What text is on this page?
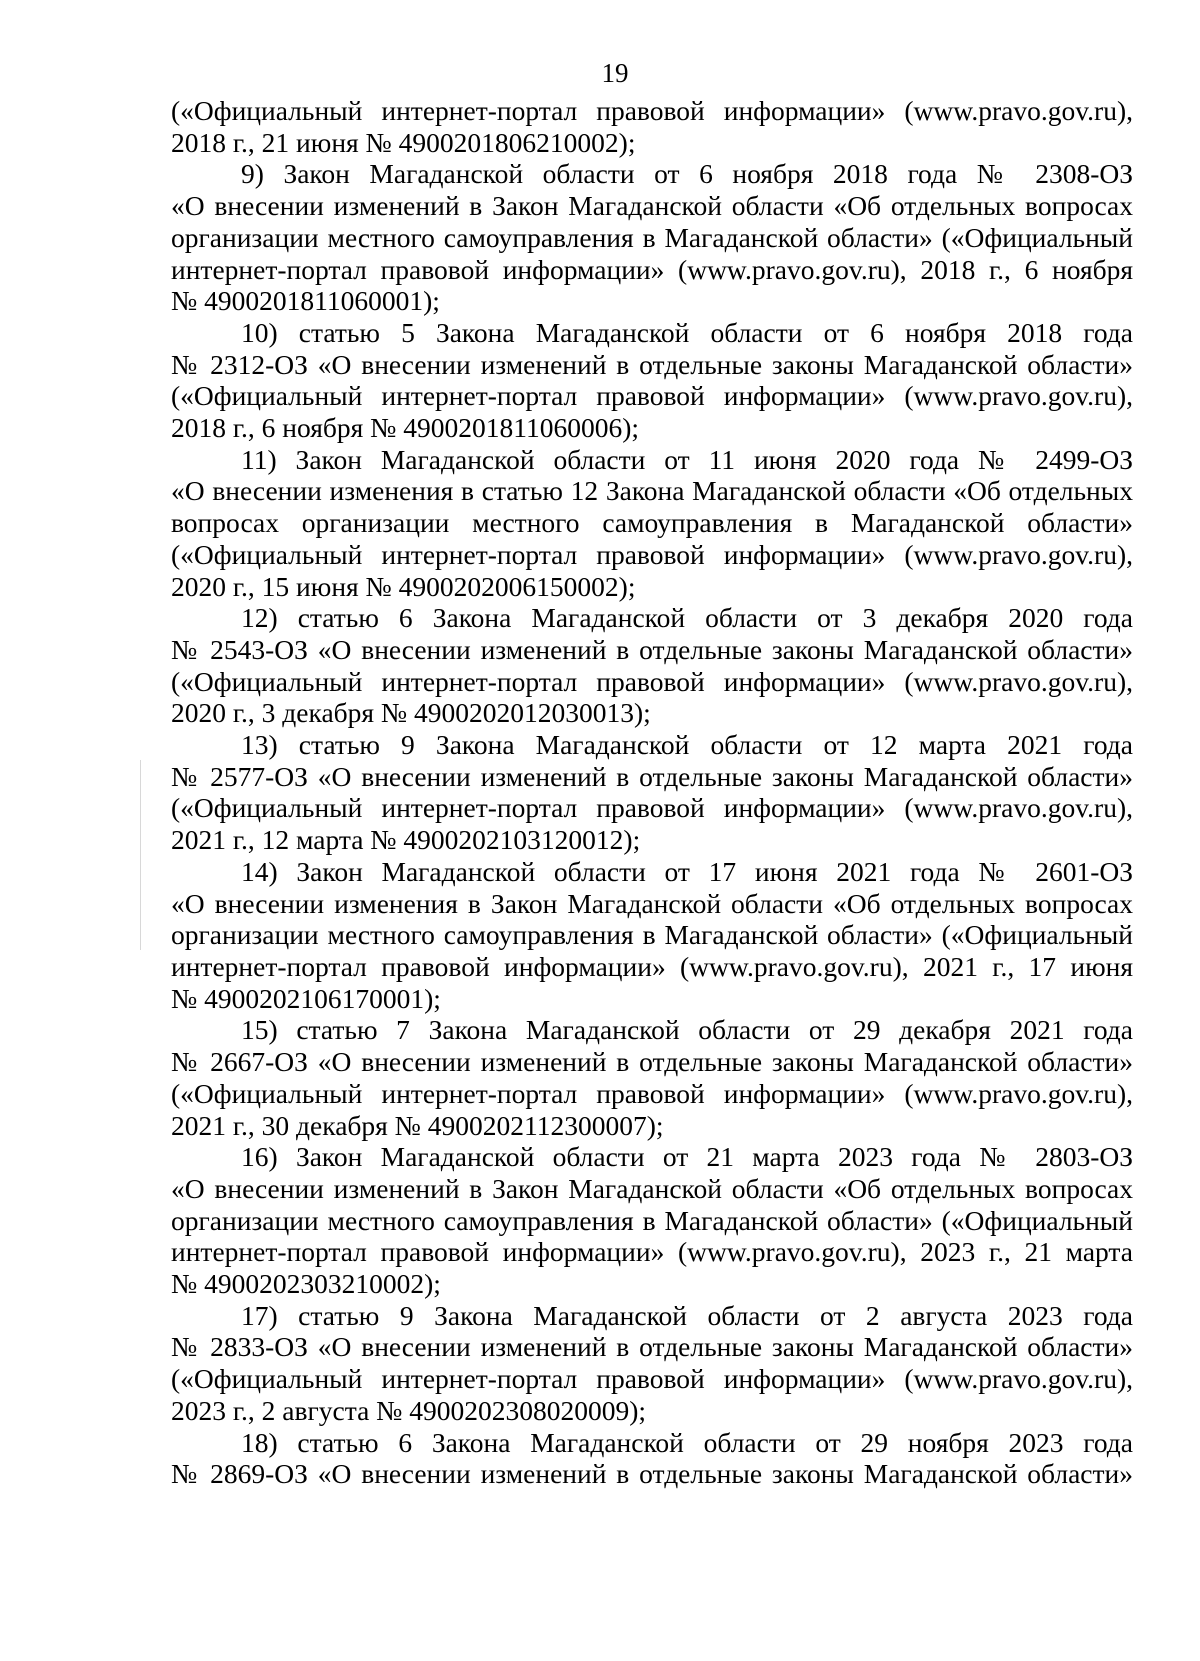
19
(«Официальный интернет-портал правовой информации» (www.pravo.gov.ru),
2018 г., 21 июня № 4900201806210002);
9) Закон Магаданской области от 6 ноября 2018 года № 2308-ОЗ
«О внесении изменений в Закон Магаданской области «Об отдельных вопросах
организации местного самоуправления в Магаданской области» («Официальный
интернет-портал правовой информации» (www.pravo.gov.ru), 2018 г., 6 ноября
№ 4900201811060001);
10) статью 5 Закона Магаданской области от 6 ноября 2018 года
№ 2312-ОЗ «О внесении изменений в отдельные законы Магаданской области»
(«Официальный интернет-портал правовой информации» (www.pravo.gov.ru),
2018 г., 6 ноября № 4900201811060006);
11) Закон Магаданской области от 11 июня 2020 года № 2499-ОЗ
«О внесении изменения в статью 12 Закона Магаданской области «Об отдельных
вопросах организации местного самоуправления в Магаданской области»
(«Официальный интернет-портал правовой информации» (www.pravo.gov.ru),
2020 г., 15 июня № 4900202006150002);
12) статью 6 Закона Магаданской области от 3 декабря 2020 года
№ 2543-ОЗ «О внесении изменений в отдельные законы Магаданской области»
(«Официальный интернет-портал правовой информации» (www.pravo.gov.ru),
2020 г., 3 декабря № 4900202012030013);
13) статью 9 Закона Магаданской области от 12 марта 2021 года
№ 2577-ОЗ «О внесении изменений в отдельные законы Магаданской области»
(«Официальный интернет-портал правовой информации» (www.pravo.gov.ru),
2021 г., 12 марта № 4900202103120012);
14) Закон Магаданской области от 17 июня 2021 года № 2601-ОЗ
«О внесении изменения в Закон Магаданской области «Об отдельных вопросах
организации местного самоуправления в Магаданской области» («Официальный
интернет-портал правовой информации» (www.pravo.gov.ru), 2021 г., 17 июня
№ 4900202106170001);
15) статью 7 Закона Магаданской области от 29 декабря 2021 года
№ 2667-ОЗ «О внесении изменений в отдельные законы Магаданской области»
(«Официальный интернет-портал правовой информации» (www.pravo.gov.ru),
2021 г., 30 декабря № 4900202112300007);
16) Закон Магаданской области от 21 марта 2023 года № 2803-ОЗ
«О внесении изменений в Закон Магаданской области «Об отдельных вопросах
организации местного самоуправления в Магаданской области» («Официальный
интернет-портал правовой информации» (www.pravo.gov.ru), 2023 г., 21 марта
№ 4900202303210002);
17) статью 9 Закона Магаданской области от 2 августа 2023 года
№ 2833-ОЗ «О внесении изменений в отдельные законы Магаданской области»
(«Официальный интернет-портал правовой информации» (www.pravo.gov.ru),
2023 г., 2 августа № 4900202308020009);
18) статью 6 Закона Магаданской области от 29 ноября 2023 года
№ 2869-ОЗ «О внесении изменений в отдельные законы Магаданской области»
